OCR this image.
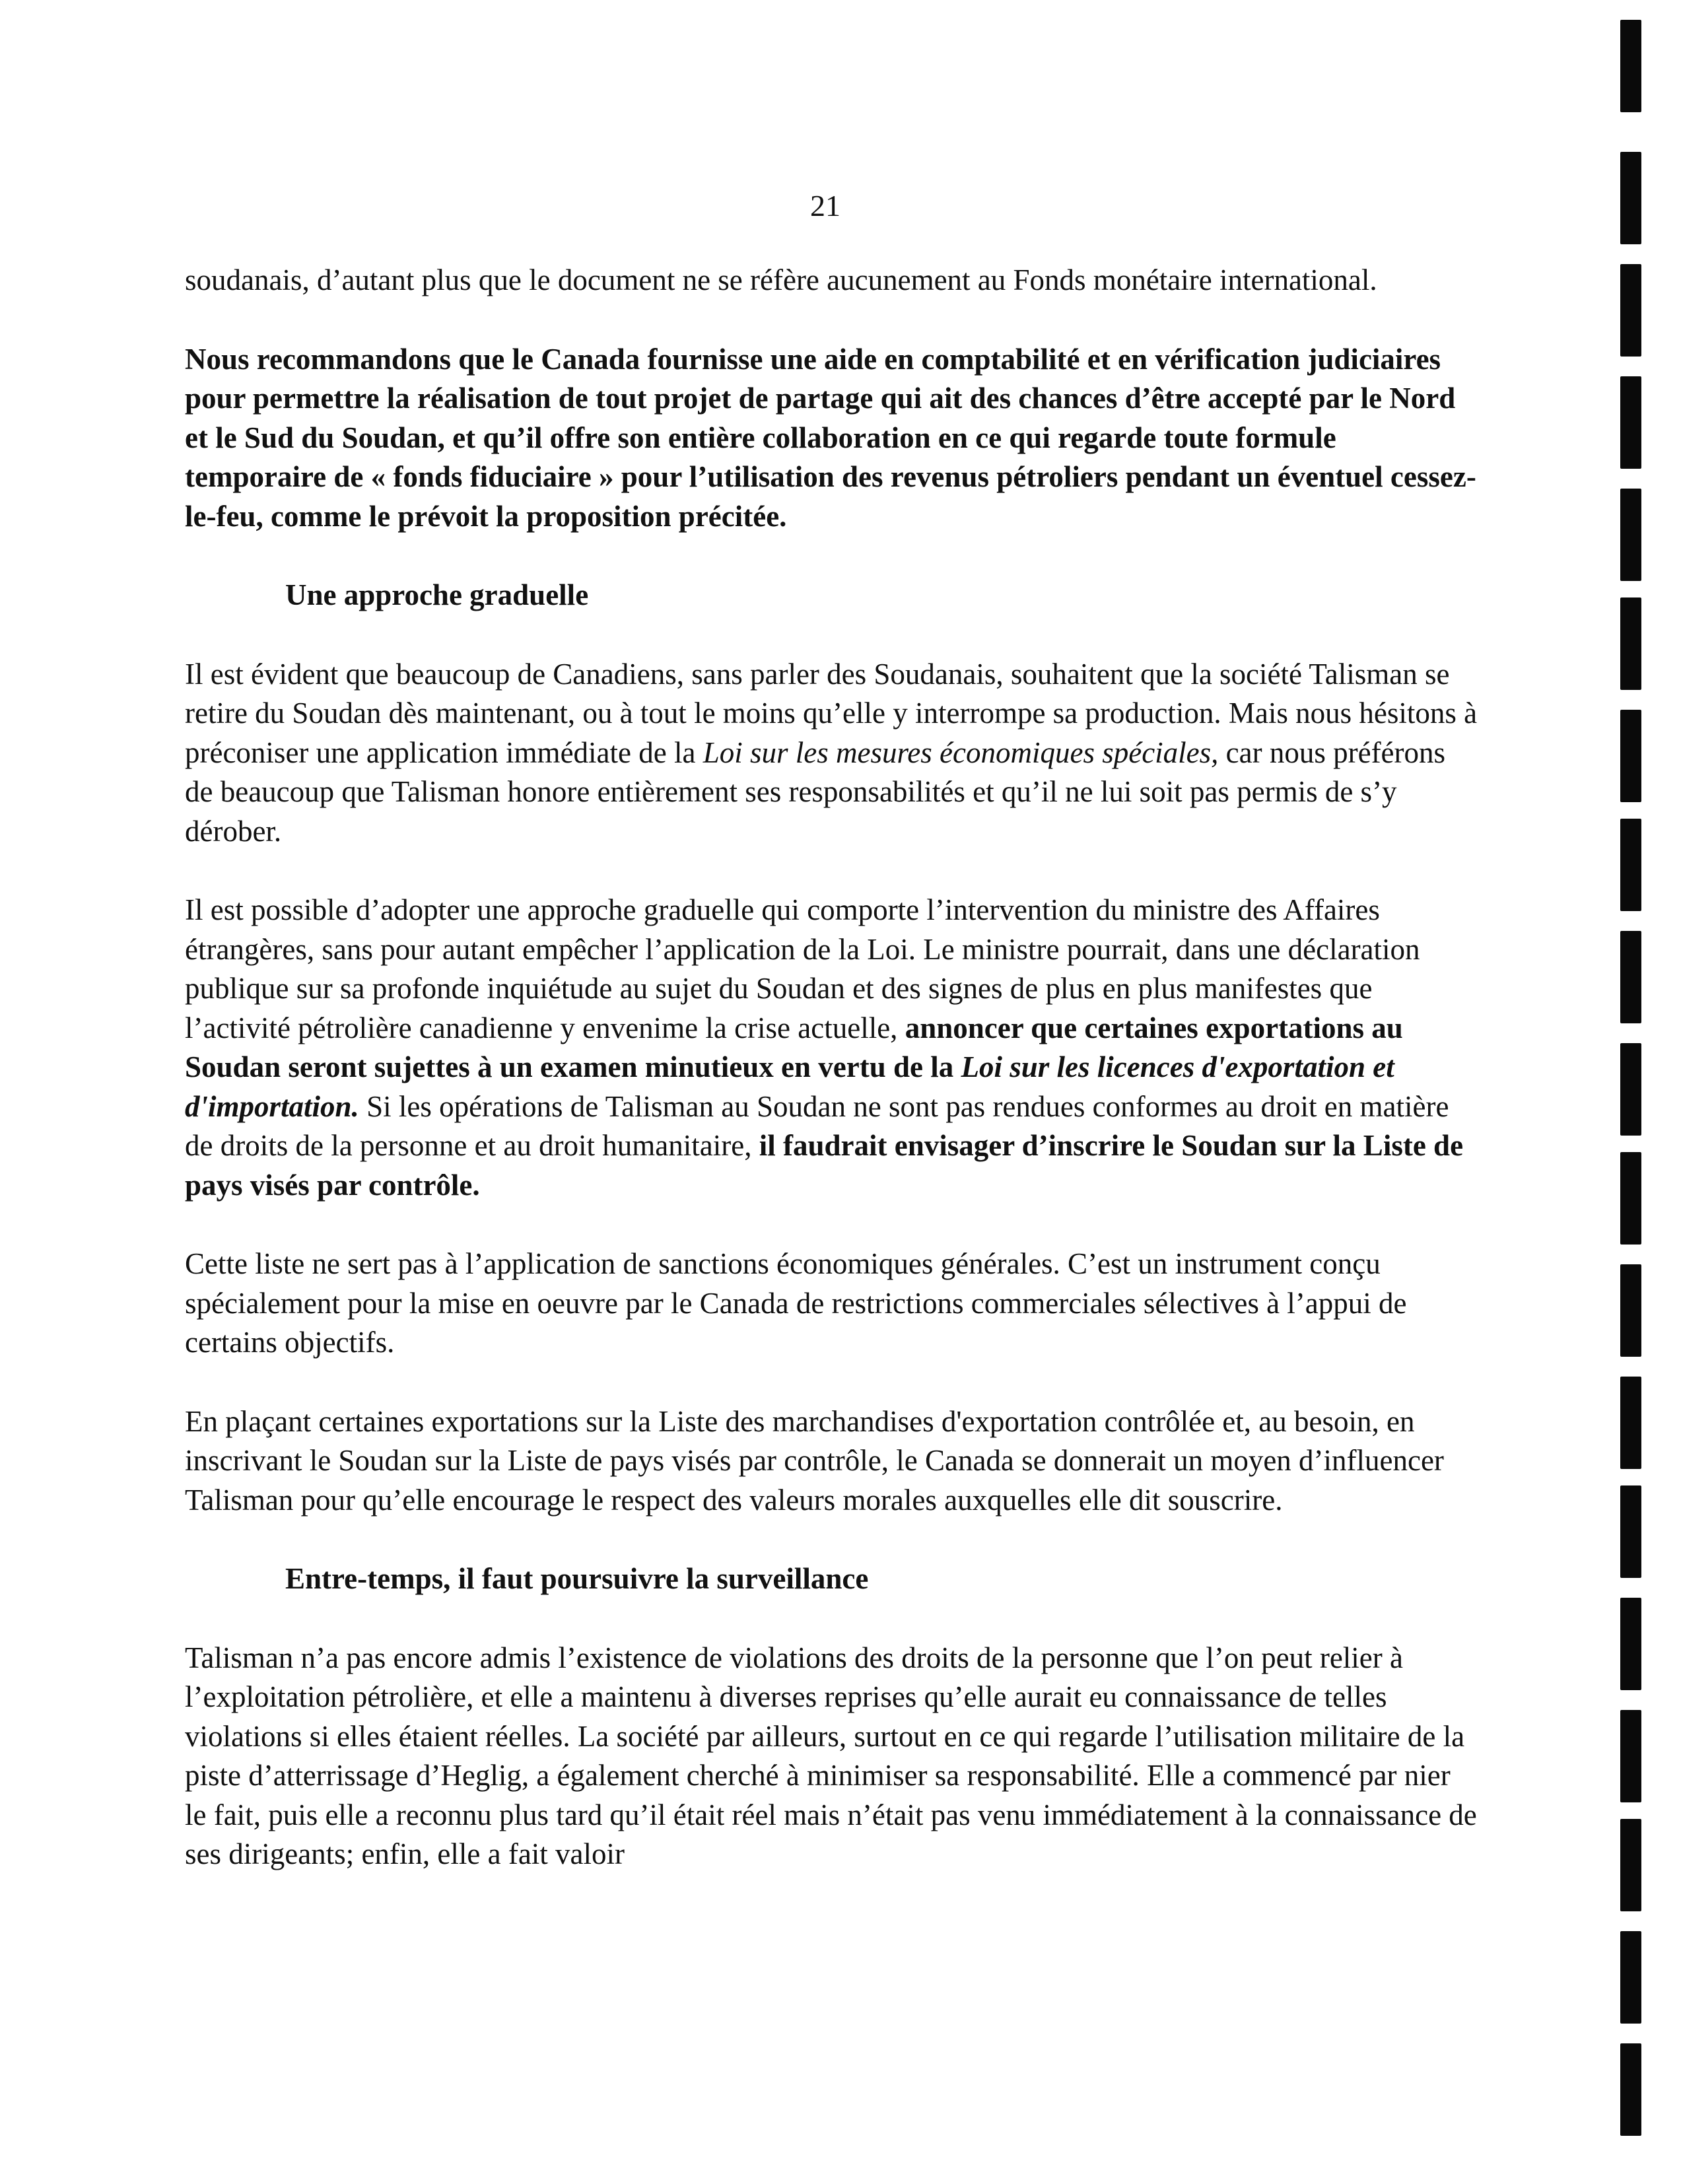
21

soudanais, d’autant plus que le document ne se réfère aucunement au Fonds monétaire international.

Nous recommandons que le Canada fournisse une aide en comptabilité et en vérification judiciaires pour permettre la réalisation de tout projet de partage qui ait des chances d’être accepté par le Nord et le Sud du Soudan, et qu’il offre son entière collaboration en ce qui regarde toute formule temporaire de « fonds fiduciaire » pour l’utilisation des revenus pétroliers pendant un éventuel cessez-le-feu, comme le prévoit la proposition précitée.

Une approche graduelle

Il est évident que beaucoup de Canadiens, sans parler des Soudanais, souhaitent que la société Talisman se retire du Soudan dès maintenant, ou à tout le moins qu’elle y interrompe sa production. Mais nous hésitons à préconiser une application immédiate de la Loi sur les mesures économiques spéciales, car nous préférons de beaucoup que Talisman honore entièrement ses responsabilités et qu’il ne lui soit pas permis de s’y dérober.

Il est possible d’adopter une approche graduelle qui comporte l’intervention du ministre des Affaires étrangères, sans pour autant empêcher l’application de la Loi. Le ministre pourrait, dans une déclaration publique sur sa profonde inquiétude au sujet du Soudan et des signes de plus en plus manifestes que l’activité pétrolière canadienne y envenime la crise actuelle, annoncer que certaines exportations au Soudan seront sujettes à un examen minutieux en vertu de la Loi sur les licences d'exportation et d'importation. Si les opérations de Talisman au Soudan ne sont pas rendues conformes au droit en matière de droits de la personne et au droit humanitaire, il faudrait envisager d’inscrire le Soudan sur la Liste de pays visés par contrôle.

Cette liste ne sert pas à l’application de sanctions économiques générales. C’est un instrument conçu spécialement pour la mise en oeuvre par le Canada de restrictions commerciales sélectives à l’appui de certains objectifs.

En plaçant certaines exportations sur la Liste des marchandises d'exportation contrôlée et, au besoin, en inscrivant le Soudan sur la Liste de pays visés par contrôle, le Canada se donnerait un moyen d’influencer Talisman pour qu’elle encourage le respect des valeurs morales auxquelles elle dit souscrire.

Entre-temps, il faut poursuivre la surveillance

Talisman n’a pas encore admis l’existence de violations des droits de la personne que l’on peut relier à l’exploitation pétrolière, et elle a maintenu à diverses reprises qu’elle aurait eu connaissance de telles violations si elles étaient réelles. La société par ailleurs, surtout en ce qui regarde l’utilisation militaire de la piste d’atterrissage d’Heglig, a également cherché à minimiser sa responsabilité. Elle a commencé par nier le fait, puis elle a reconnu plus tard qu’il était réel mais n’était pas venu immédiatement à la connaissance de ses dirigeants; enfin, elle a fait valoir
